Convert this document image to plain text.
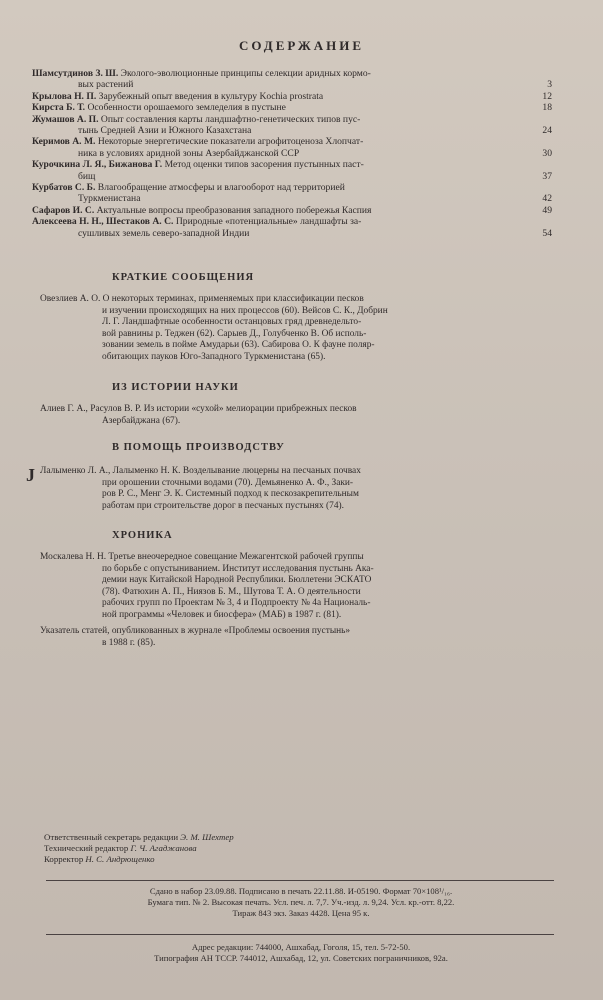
СОДЕРЖАНИЕ
Шамсутдинов З. Ш. Эколого-эволюционные принципы селекции аридных кормо-
вых растений	3
Крылова Н. П. Зарубежный опыт введения в культуру Kochia prostrata	12
Кирста Б. Т. Особенности орошаемого земледелия в пустыне	18
Жумашов А. П. Опыт составления карты ландшафтно-генетических типов пус-
тынь Средней Азии и Южного Казахстана	24
Керимов А. М. Некоторые энергетические показатели агрофитоценоза Хлопчат-
ника в условиях аридной зоны Азербайджанской ССР	30
Курочкина Л. Я., Бижанова Г. Метод оценки типов засорения пустынных паст-
бищ	37
Курбатов С. Б. Влагообращение атмосферы и влагооборот над территорией
Туркменистана	42
Сафаров И. С. Актуальные вопросы преобразования западного побережья Каспия	49
Алексеева Н. Н., Шестаков А. С. Природные «потенциальные» ландшафты за-
сушливых земель северо-западной Индии	54
КРАТКИЕ СООБЩЕНИЯ
Овезлиев А. О. О некоторых терминах, применяемых при классификации песков
и изучении происходящих на них процессов (60). Вейсов С. К., Добрин
Л. Г. Ландшафтные особенности останцовых гряд древнедельто-
вой равнины р. Теджен (62). Сарыев Д., Голубченко В. Об исполь-
зовании земель в пойме Амударьи (63). Сабирова О. К фауне поляр-
обитающих пауков Юго-Западного Туркменистана (65).
ИЗ ИСТОРИИ НАУКИ
Алиев Г. А., Расулов В. Р. Из истории «сухой» мелиорации прибрежных песков
Азербайджана (67).
В ПОМОЩЬ ПРОИЗВОДСТВУ
J Лалыменко Л. А., Лалыменко Н. К. Возделывание люцерны на песчаных почвах
при орошении сточными водами (70). Демьяненко А. Ф., Заки-
ров Р. С., Менг Э. К. Системный подход к пескозакрепительным
работам при строительстве дорог в песчаных пустынях (74).
ХРОНИКА
Москалева Н. Н. Третье внеочередное совещание Межагентской рабочей группы
по борьбе с опустыниванием. Институт исследования пустынь Ака-
демии наук Китайской Народной Республики. Бюллетени ЭСКАТО
(78). Фатюхин А. П., Ниязов Б. М., Шутова Т. А. О деятельности
рабочих групп по Проектам № 3, 4 и Подпроекту № 4а Националь-
ной программы «Человек и биосфера» (МАБ) в 1987 г. (81).
Указатель статей, опубликованных в журнале «Проблемы освоения пустынь»
в 1988 г. (85).
Ответственный секретарь редакции Э. М. Шехтер
Технический редактор Г. Ч. Агаджанова
Корректор Н. С. Андрющенко
Сдано в набор 23.09.88. Подписано в печать 22.11.88. И-05190. Формат 70×108¹/₁₆.
Бумага тип. № 2. Высокая печать. Усл. печ. л. 7,7. Уч.-изд. л. 9,24. Усл. кр.-отт. 8,22.
Тираж 843 экз. Заказ 4428. Цена 95 к.
Адрес редакции: 744000, Ашхабад, Гоголя, 15, тел. 5-72-50.
Типография АН ТССР. 744012, Ашхабад, 12, ул. Советских пограничников, 92а.
